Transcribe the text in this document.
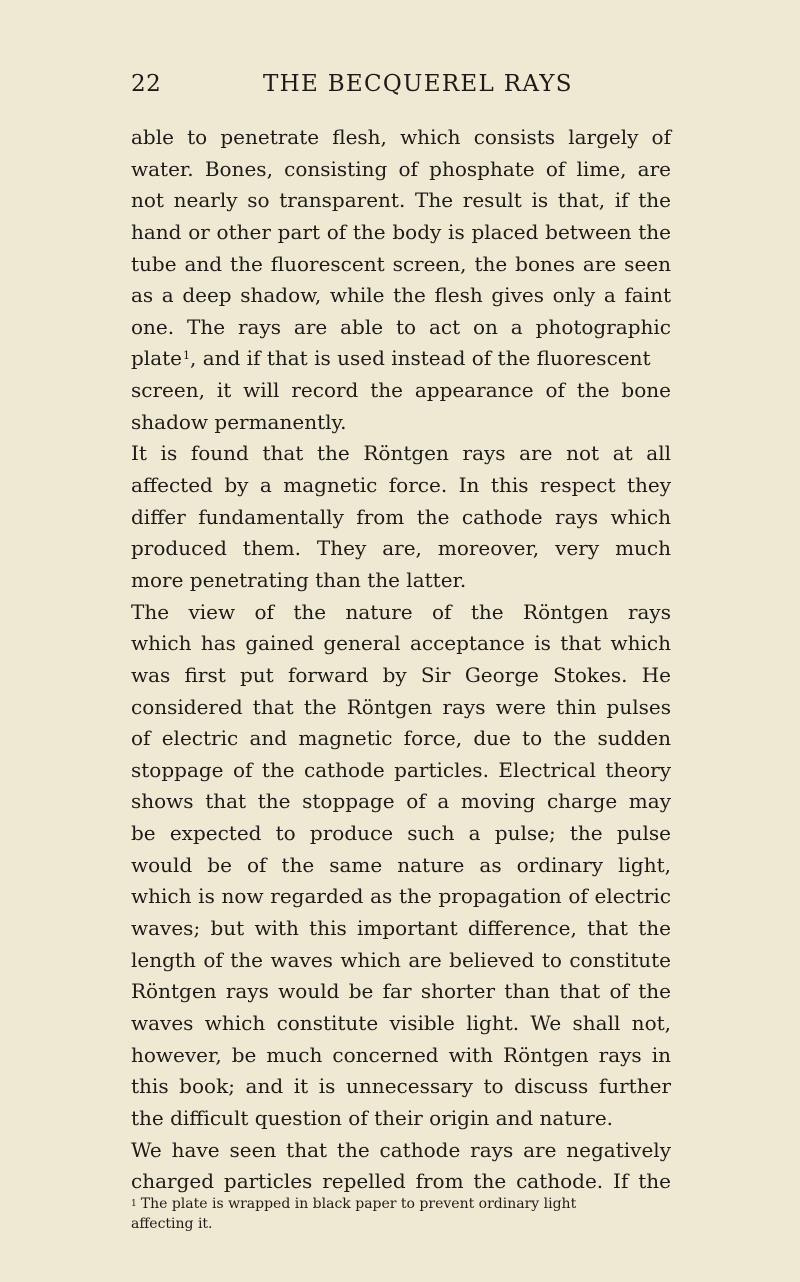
22	THE BECQUEREL RAYS
able to penetrate flesh, which consists largely of
water. Bones, consisting of phosphate of lime, are
not nearly so transparent. The result is that, if the
hand or other part of the body is placed between the
tube and the fluorescent screen, the bones are seen
as a deep shadow, while the flesh gives only a faint
one. The rays are able to act on a photographic
plate$^1$, and if that is used instead of the fluorescent
screen, it will record the appearance of the bone
shadow permanently.
It is found that the Röntgen rays are not at all
affected by a magnetic force. In this respect they
differ fundamentally from the cathode rays which
produced them. They are, moreover, very much
more penetrating than the latter.
The view of the nature of the Röntgen rays
which has gained general acceptance is that which
was first put forward by Sir George Stokes. He
considered that the Röntgen rays were thin pulses
of electric and magnetic force, due to the sudden
stoppage of the cathode particles. Electrical theory
shows that the stoppage of a moving charge may
be expected to produce such a pulse; the pulse
would be of the same nature as ordinary light,
which is now regarded as the propagation of electric
waves; but with this important difference, that the
length of the waves which are believed to constitute
Röntgen rays would be far shorter than that of the
waves which constitute visible light. We shall not,
however, be much concerned with Röntgen rays in
this book; and it is unnecessary to discuss further
the difficult question of their origin and nature.
We have seen that the cathode rays are negatively
charged particles repelled from the cathode. If the
$^1$ The plate is wrapped in black paper to prevent ordinary light
affecting it.
